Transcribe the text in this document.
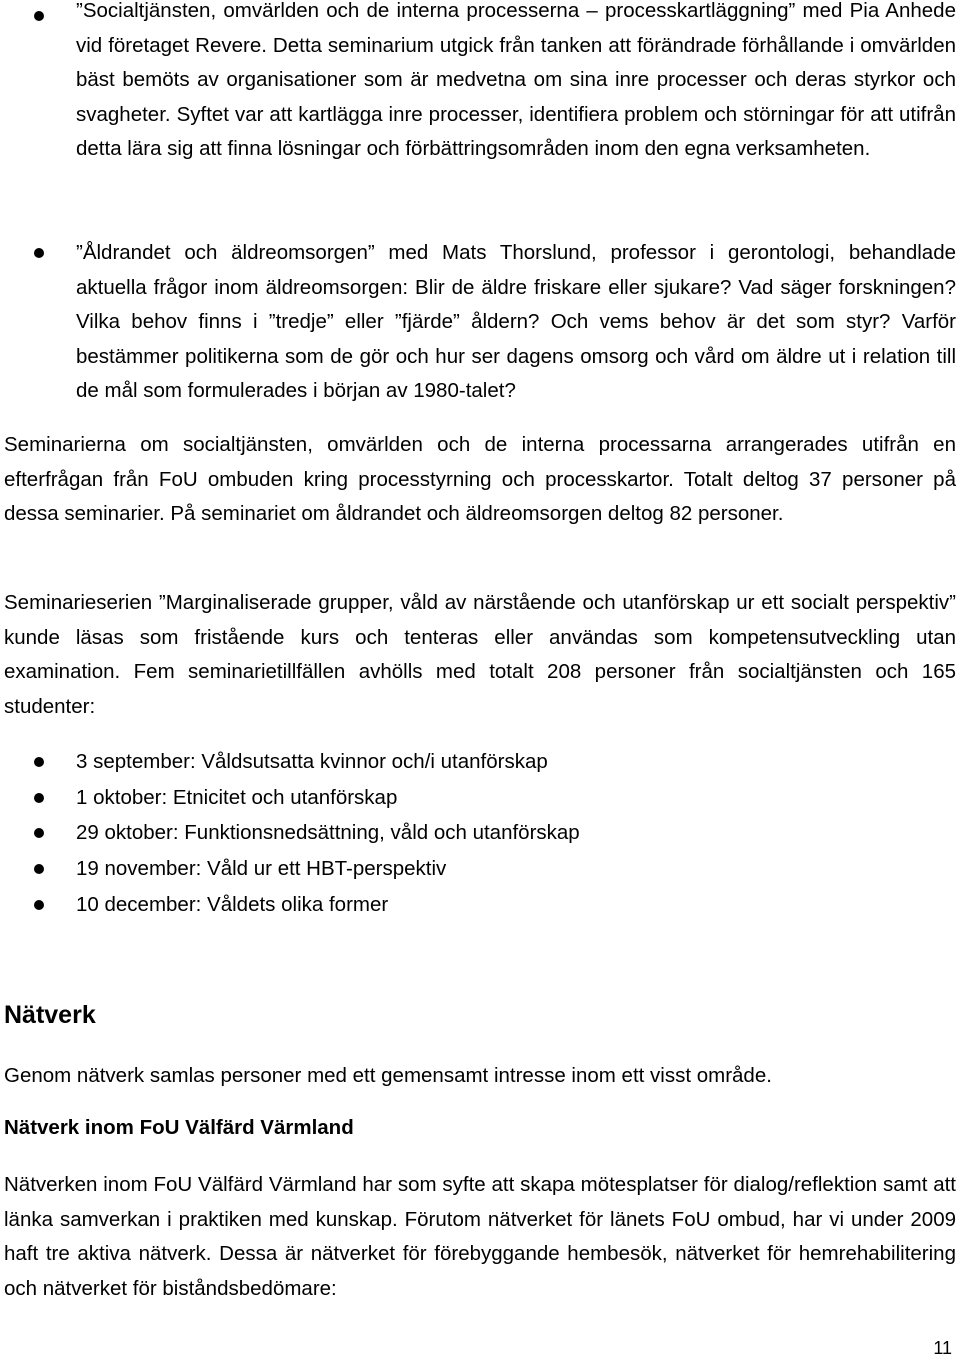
”Socialtjänsten, omvärlden och de interna processerna – processkartläggning” med Pia Anhede vid företaget Revere. Detta seminarium utgick från tanken att förändrade förhållande i omvärlden bäst bemöts av organisationer som är medvetna om sina inre processer och deras styrkor och svagheter. Syftet var att kartlägga inre processer, identifiera problem och störningar för att utifrån detta lära sig att finna lösningar och förbättringsområden inom den egna verksamheten.
”Åldrandet och äldreomsorgen” med Mats Thorslund, professor i gerontologi, behandlade aktuella frågor inom äldreomsorgen: Blir de äldre friskare eller sjukare? Vad säger forskningen? Vilka behov finns i ”tredje” eller ”fjärde” åldern? Och vems behov är det som styr? Varför bestämmer politikerna som de gör och hur ser dagens omsorg och vård om äldre ut i relation till de mål som formulerades i början av 1980-talet?
Seminarierna om socialtjänsten, omvärlden och de interna processarna arrangerades utifrån en efterfrågan från FoU ombuden kring processtyrning och processkartor. Totalt deltog 37 personer på dessa seminarier. På seminariet om åldrandet och äldreomsorgen deltog 82 personer.
Seminarieserien ”Marginaliserade grupper, våld av närstående och utanförskap ur ett socialt perspektiv” kunde läsas som fristående kurs och tenteras eller användas som kompetensutveckling utan examination. Fem seminarietillfällen avhölls med totalt 208 personer från socialtjänsten och 165 studenter:
3 september: Våldsutsatta kvinnor och/i utanförskap
1 oktober: Etnicitet och utanförskap
29 oktober: Funktionsnedsättning, våld och utanförskap
19 november: Våld ur ett HBT-perspektiv
10 december: Våldets olika former
Nätverk
Genom nätverk samlas personer med ett gemensamt intresse inom ett visst område.
Nätverk inom FoU Välfärd Värmland
Nätverken inom FoU Välfärd Värmland har som syfte att skapa mötesplatser för dialog/reflektion samt att länka samverkan i praktiken med kunskap. Förutom nätverket för länets FoU ombud, har vi under 2009 haft tre aktiva nätverk. Dessa är nätverket för förebyggande hembesök, nätverket för hemrehabilitering och nätverket för biståndsbedömare:
11
